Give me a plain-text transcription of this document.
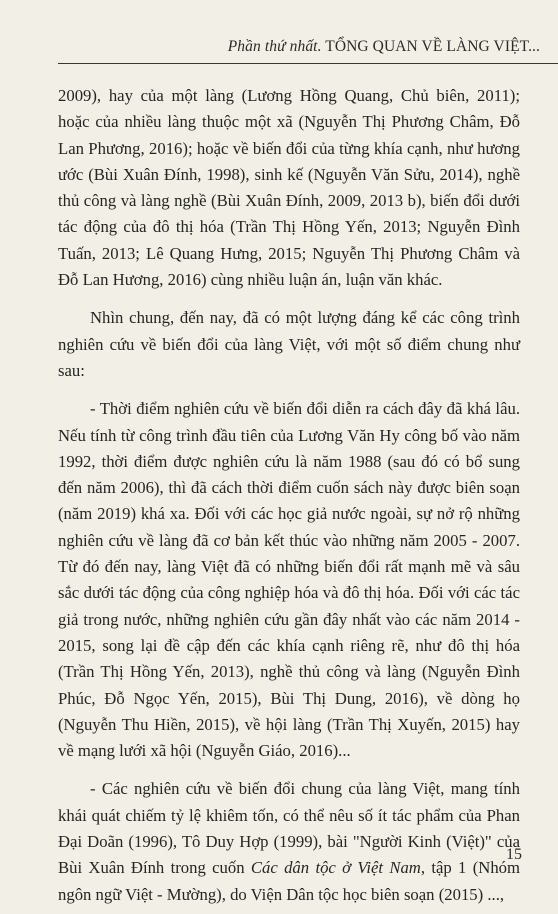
Phần thứ nhất. TỔNG QUAN VỀ LÀNG VIỆT...

2009), hay của một làng (Lương Hồng Quang, Chủ biên, 2011); hoặc của nhiều làng thuộc một xã (Nguyễn Thị Phương Châm, Đỗ Lan Phương, 2016); hoặc về biến đổi của từng khía cạnh, như hương ước (Bùi Xuân Đính, 1998), sinh kế (Nguyễn Văn Sửu, 2014), nghề thủ công và làng nghề (Bùi Xuân Đính, 2009, 2013 b), biến đổi dưới tác động của đô thị hóa (Trần Thị Hồng Yến, 2013; Nguyễn Đình Tuấn, 2013; Lê Quang Hưng, 2015; Nguyễn Thị Phương Châm và Đỗ Lan Hương, 2016) cùng nhiều luận án, luận văn khác.

Nhìn chung, đến nay, đã có một lượng đáng kể các công trình nghiên cứu về biến đổi của làng Việt, với một số điểm chung như sau:

- Thời điểm nghiên cứu về biến đổi diễn ra cách đây đã khá lâu. Nếu tính từ công trình đầu tiên của Lương Văn Hy công bố vào năm 1992, thời điểm được nghiên cứu là năm 1988 (sau đó có bổ sung đến năm 2006), thì đã cách thời điểm cuốn sách này được biên soạn (năm 2019) khá xa. Đối với các học giả nước ngoài, sự nở rộ những nghiên cứu về làng đã cơ bản kết thúc vào những năm 2005 - 2007. Từ đó đến nay, làng Việt đã có những biến đổi rất mạnh mẽ và sâu sắc dưới tác động của công nghiệp hóa và đô thị hóa. Đối với các tác giả trong nước, những nghiên cứu gần đây nhất vào các năm 2014 - 2015, song lại đề cập đến các khía cạnh riêng rẽ, như đô thị hóa (Trần Thị Hồng Yến, 2013), nghề thủ công và làng (Nguyễn Đình Phúc, Đỗ Ngọc Yến, 2015), Bùi Thị Dung, 2016), về dòng họ (Nguyễn Thu Hiền, 2015), về hội làng (Trần Thị Xuyến, 2015) hay về mạng lưới xã hội (Nguyễn Giáo, 2016)...

- Các nghiên cứu về biến đổi chung của làng Việt, mang tính khái quát chiếm tỷ lệ khiêm tốn, có thể nêu số ít tác phẩm của Phan Đại Doãn (1996), Tô Duy Hợp (1999), bài "Người Kinh (Việt)" của Bùi Xuân Đính trong cuốn Các dân tộc ở Việt Nam, tập 1 (Nhóm ngôn ngữ Việt - Mường), do Viện Dân tộc học biên soạn (2015) ...,

15
